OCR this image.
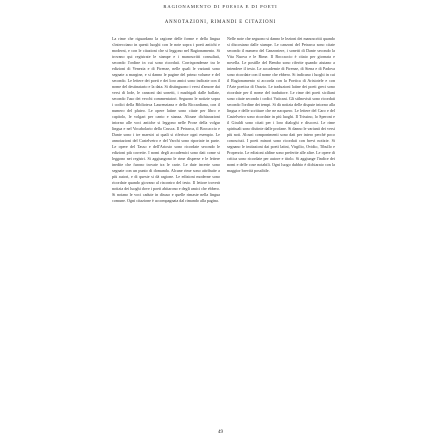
RAGIONAMENTO DI POESIA E DI POETI
ANNOTAZIONI, RIMANDI E CITAZIONI
La rime che riguardano la ragione delle forme e della lingua s'intrecciano in questi luoghi con le note sopra i poeti antichi e moderni, e con le citazioni che si leggono nel Ragionamento. Si trovano qui registrate le stampe e i manoscritti consultati, secondo l'ordine in cui sono ricordati. Corrispondenze tra le edizioni di Venezia e di Firenze, nelle quali le varianti sono segnate a margine, e si danno le pagine del primo volume e del secondo. Le lettere dei poeti e dei loro amici sono indicate con il nome del destinatario e la data. Si distinguono i versi d'amore dai versi di lode, le canzoni dai sonetti, i madrigali dalle ballate, secondo l'uso dei vecchi commentatori. Seguono le notizie sopra i codici della Biblioteca Laurenziana e della Riccardiana, con il numero del pluteo. Le opere latine sono citate per libro e capitolo, le volgari per canto e stanza. Alcune dichiarazioni intorno alle voci antiche si leggono nelle Prose della volgar lingua e nel Vocabolario della Crusca. Il Petrarca, il Boccaccio e Dante sono i tre maestri ai quali si riferisce ogni esempio. Le annotazioni del Castelvetro e del Varchi sono riportate in parte. Le opere del Tasso e dell'Ariosto sono ricordate secondo le edizioni più corrette. I nomi degli accademici sono dati come si leggono nei registri. Si aggiungono le rime disperse e le lettere inedite che furono trovate tra le carte. Le date incerte sono segnate con un punto di domanda. Alcune rime sono attribuite a più autori, e di queste si dà ragione. Le edizioni moderne sono ricordate quando giovano al riscontro del testo. Il lettore troverà notizia dei luoghi dove i poeti abitarono e degli amici che ebbero. Si notano le voci cadute in disuso e quelle rimaste nella lingua comune. Ogni citazione è accompagnata dal rimando alla pagina.
Nelle note che seguono si danno le lezioni dei manoscritti quando si discostano dalle stampe. Le canzoni del Petrarca sono citate secondo il numero del Canzoniere, i sonetti di Dante secondo la Vita Nuova e le Rime. Il Boccaccio è citato per giornata e novella. Le postille del Bembo sono riferite quando aiutano a intendere il testo. Le accademie di Firenze, di Siena e di Padova sono ricordate con il nome che ebbero. Si indicano i luoghi in cui il Ragionamento si accorda con la Poetica di Aristotele e con l'Arte poetica di Orazio. Le traduzioni latine dei poeti greci sono ricordate per il nome del traduttore. Le rime dei poeti siciliani sono citate secondo i codici Vaticani. Gli stilnovisti sono ricordati secondo l'ordine dei tempi. Si dà notizia delle dispute intorno alla lingua e delle scritture che ne nacquero. Le lettere del Caro e del Castelvetro sono ricordate in più luoghi. Il Trissino, lo Speroni e il Giraldi sono citati per i loro dialoghi e discorsi. Le rime spirituali sono distinte dalle profane. Si danno le varianti dei versi più noti. Alcuni componimenti sono dati per intero perché poco conosciuti. I poeti minori sono ricordati con brevi notizie. Si segnano le imitazioni dai poeti latini, Virgilio, Ovidio, Tibullo e Properzio. Le edizioni aldine sono preferite alle altre. Le opere di critica sono ricordate per autore e titolo. Si aggiunge l'indice dei nomi e delle cose notabili. Ogni luogo dubbio è dichiarato con la maggior brevità possibile.
49
